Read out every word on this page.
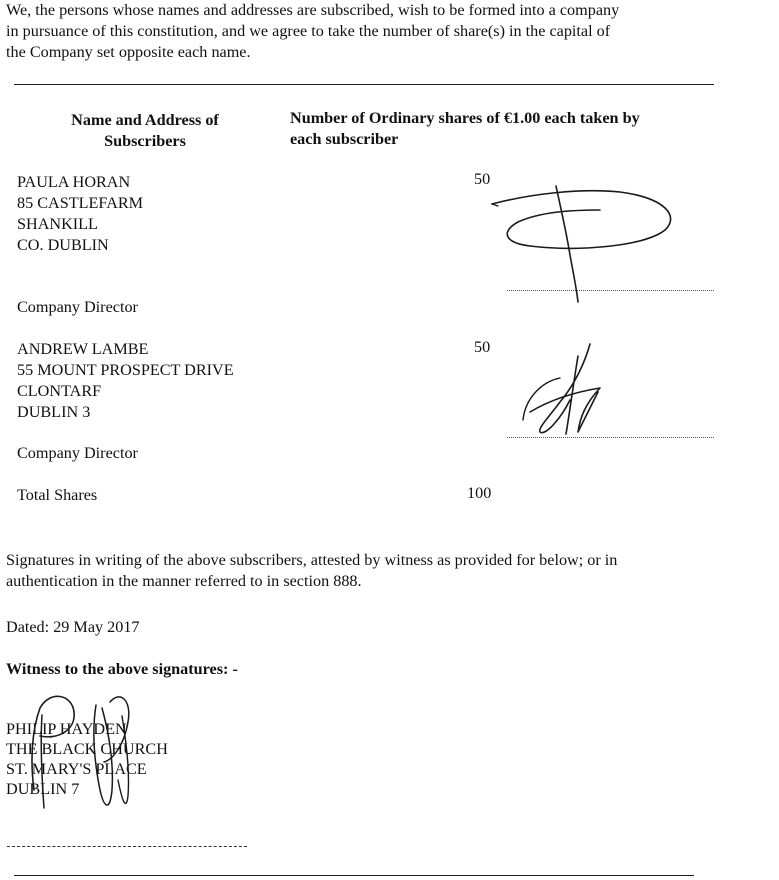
We, the persons whose names and addresses are subscribed, wish to be formed into a company
in pursuance of this constitution, and we agree to take the number of share(s) in the capital of
the Company set opposite each name.
Name and Address of
Subscribers
Number of Ordinary shares of €1.00 each taken by
each subscriber
PAULA HORAN
85 CASTLEFARM
SHANKILL
CO. DUBLIN
50
Company Director
ANDREW LAMBE
55 MOUNT PROSPECT DRIVE
CLONTARF
DUBLIN 3
50
Company Director
Total Shares	100
Signatures in writing of the above subscribers, attested by witness as provided for below; or in
authentication in the manner referred to in section 888.
Dated: 29 May 2017
Witness to the above signatures: -
PHILIP HAYDEN
THE BLACK CHURCH
ST. MARY'S PLACE
DUBLIN 7
